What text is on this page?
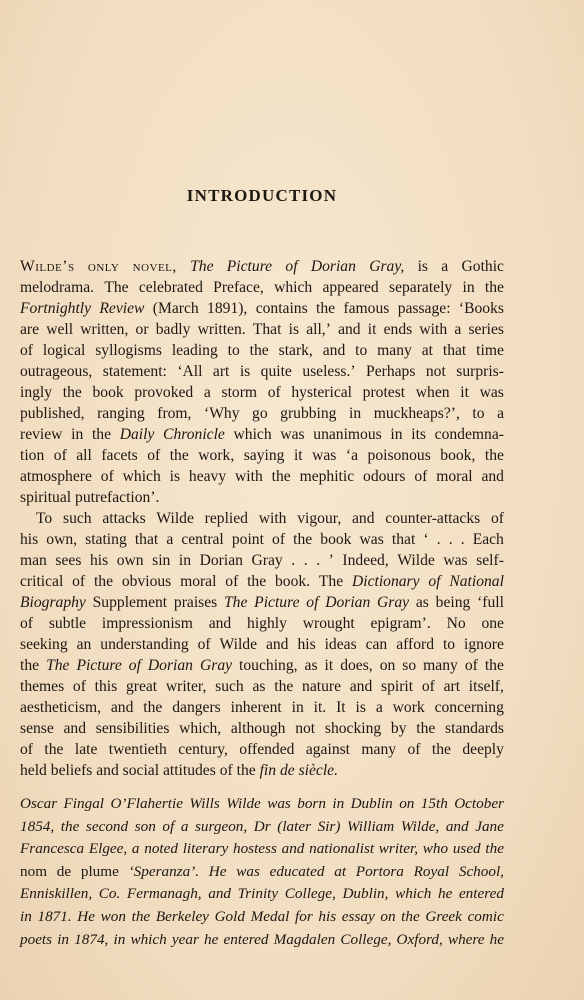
INTRODUCTION
Wilde’s only novel, The Picture of Dorian Gray, is a Gothic
melodrama. The celebrated Preface, which appeared separately in the
Fortnightly Review (March 1891), contains the famous passage: ‘Books
are well written, or badly written. That is all,’ and it ends with a series
of logical syllogisms leading to the stark, and to many at that time
outrageous, statement: ‘All art is quite useless.’ Perhaps not surpris-
ingly the book provoked a storm of hysterical protest when it was
published, ranging from, ‘Why go grubbing in muckheaps?’, to a
review in the Daily Chronicle which was unanimous in its condemna-
tion of all facets of the work, saying it was ‘a poisonous book, the
atmosphere of which is heavy with the mephitic odours of moral and
spiritual
putrefaction’.

To such attacks Wilde replied with vigour, and counter-attacks of
his own, stating that a central point of the book was that ‘ . . . Each
man sees his own sin in Dorian Gray . . . ’ Indeed, Wilde was self-
critical of the obvious moral of the book. The Dictionary of National
Biography Supplement praises The Picture of Dorian Gray as being ‘full
of subtle impressionism and highly wrought epigram’. No one
seeking an understanding of Wilde and his ideas can afford to ignore
the The Picture of Dorian Gray touching, as it does, on so many of the
themes of this great writer, such as the nature and spirit of art itself,
aestheticism, and the dangers inherent in it. It is a work concerning
sense and sensibilities which, although not shocking by the standards
of the late twentieth century, offended against many of the deeply
held
beliefs
and
social
attitudes
of
the
fin
de
siècle.

Oscar Fingal O’Flahertie Wills Wilde was born in Dublin on 15th October
1854, the second son of a surgeon, Dr (later Sir) William Wilde, and Jane
Francesca Elgee, a noted literary hostess and nationalist writer, who used the
nom de plume ‘Speranza’. He was educated at Portora Royal School,
Enniskillen, Co. Fermanagh, and Trinity College, Dublin, which he entered
in 1871. He won the Berkeley Gold Medal for his essay on the Greek comic
poets in 1874, in which year he entered Magdalen College, Oxford, where he
